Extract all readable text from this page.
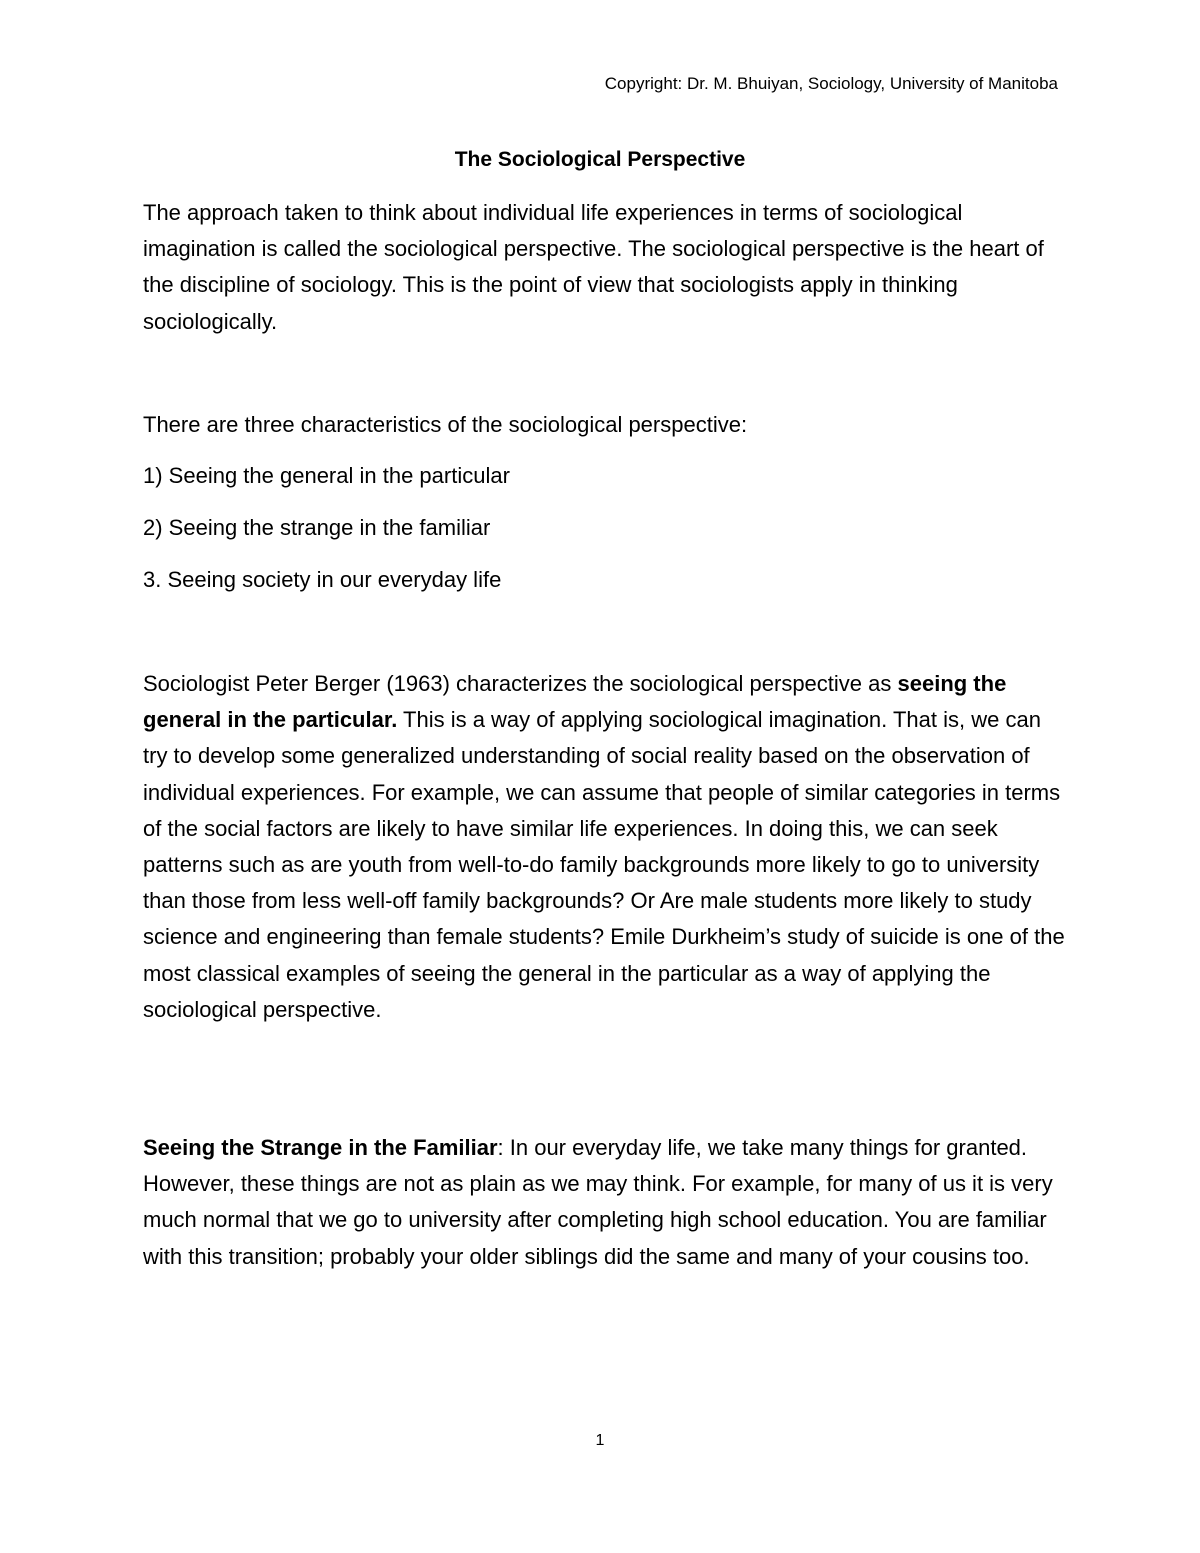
Copyright: Dr. M. Bhuiyan, Sociology, University of Manitoba
The Sociological Perspective
The approach taken to think about individual life experiences in terms of sociological imagination is called the sociological perspective. The sociological perspective is the heart of the discipline of sociology. This is the point of view that sociologists apply in thinking sociologically.
There are three characteristics of the sociological perspective:
1) Seeing the general in the particular
2) Seeing the strange in the familiar
3. Seeing society in our everyday life
Sociologist Peter Berger (1963) characterizes the sociological perspective as seeing the general in the particular. This is a way of applying sociological imagination. That is, we can try to develop some generalized understanding of social reality based on the observation of individual experiences. For example, we can assume that people of similar categories in terms of the social factors are likely to have similar life experiences. In doing this, we can seek patterns such as are youth from well-to-do family backgrounds more likely to go to university than those from less well-off family backgrounds? Or Are male students more likely to study science and engineering than female students? Emile Durkheim’s study of suicide is one of the most classical examples of seeing the general in the particular as a way of applying the sociological perspective.
Seeing the Strange in the Familiar: In our everyday life, we take many things for granted. However, these things are not as plain as we may think. For example, for many of us it is very much normal that we go to university after completing high school education. You are familiar with this transition; probably your older siblings did the same and many of your cousins too.
1
